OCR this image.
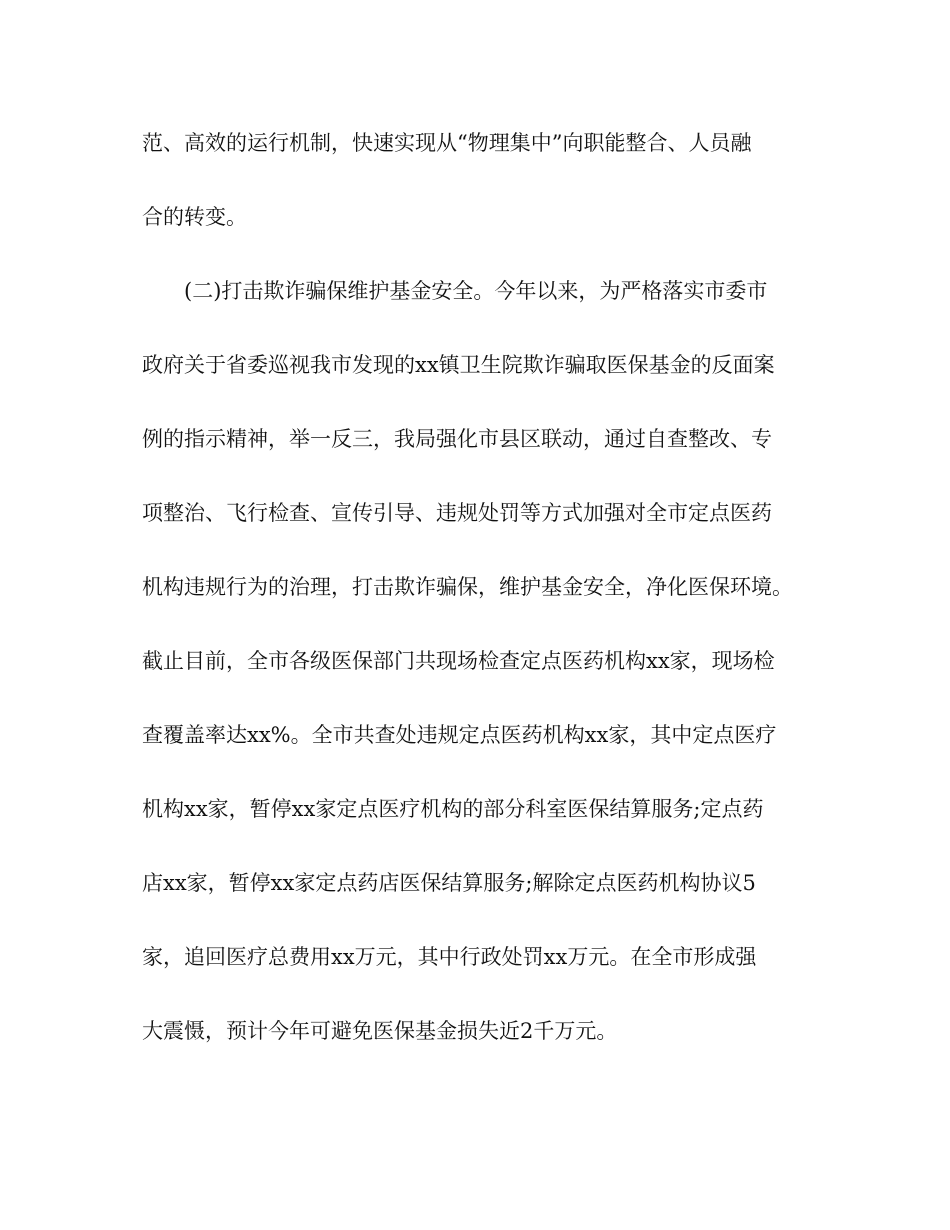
范、高效的运行机制，快速实现从“物理集中”向职能整合、人员融
合的转变。
(二)打击欺诈骗保维护基金安全。今年以来，为严格落实市委市
政府关于省委巡视我市发现的xx镇卫生院欺诈骗取医保基金的反面案
例的指示精神，举一反三，我局强化市县区联动，通过自查整改、专
项整治、飞行检查、宣传引导、违规处罚等方式加强对全市定点医药
机构违规行为的治理，打击欺诈骗保，维护基金安全，净化医保环境。
截止目前，全市各级医保部门共现场检查定点医药机构xx家，现场检
查覆盖率达xx%。全市共查处违规定点医药机构xx家，其中定点医疗
机构xx家，暂停xx家定点医疗机构的部分科室医保结算服务;定点药
店xx家，暂停xx家定点药店医保结算服务;解除定点医药机构协议5
家，追回医疗总费用xx万元，其中行政处罚xx万元。在全市形成强
大震慑，预计今年可避免医保基金损失近2千万元。
